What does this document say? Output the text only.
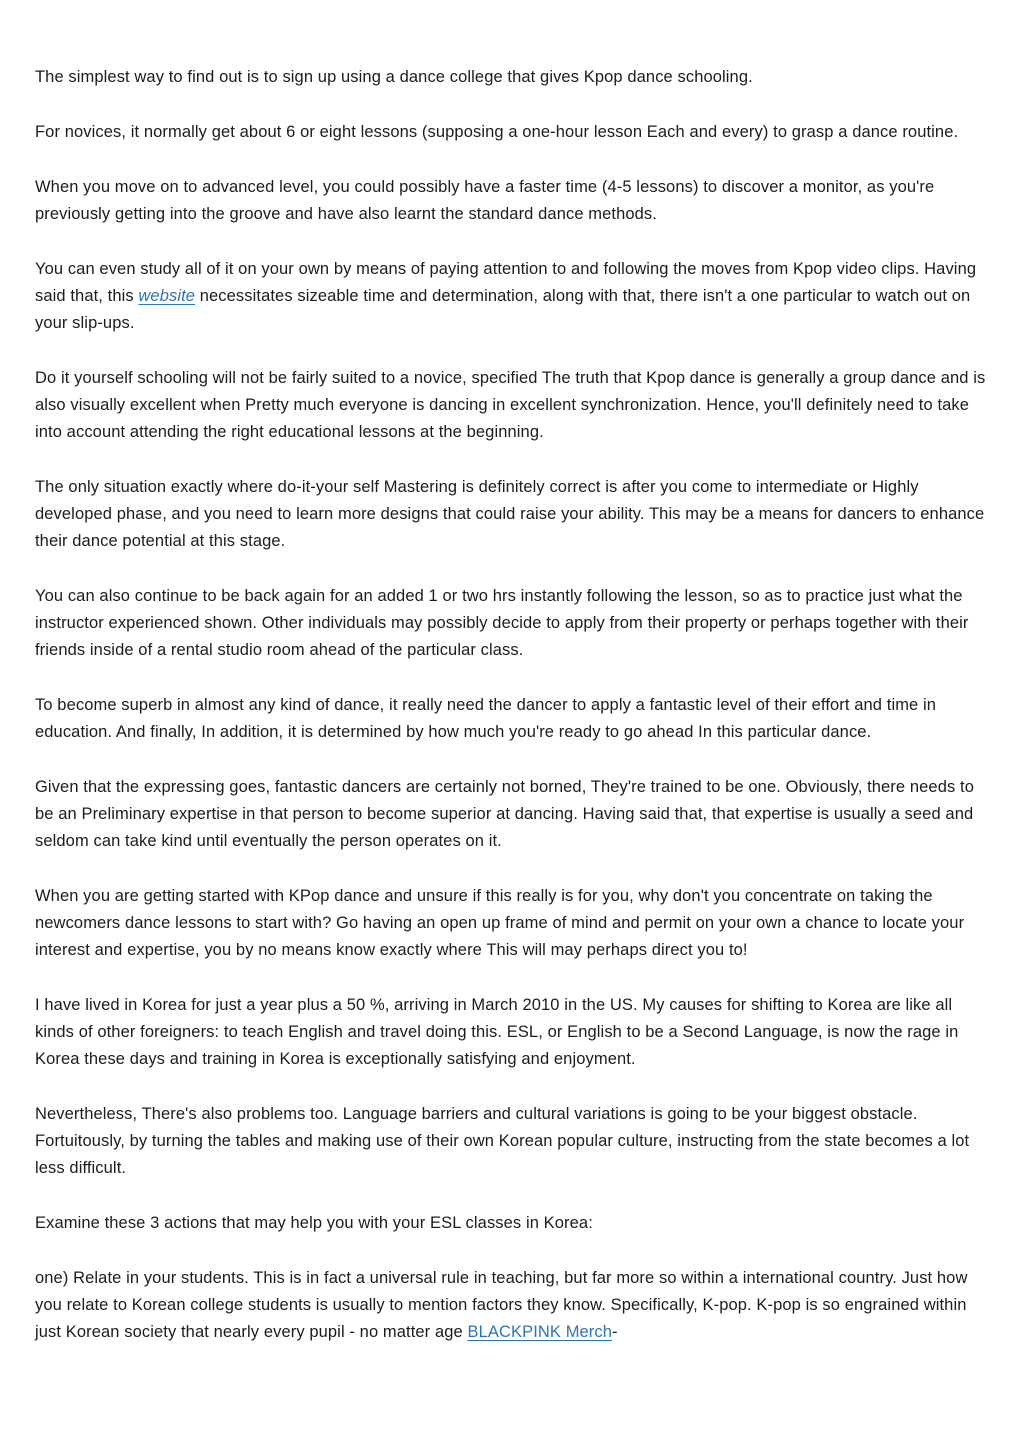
The simplest way to find out is to sign up using a dance college that gives Kpop dance schooling.

For novices, it normally get about 6 or eight lessons (supposing a one-hour lesson Each and every) to grasp a dance routine.

When you move on to advanced level, you could possibly have a faster time (4-5 lessons) to discover a monitor, as you're previously getting into the groove and have also learnt the standard dance methods.

You can even study all of it on your own by means of paying attention to and following the moves from Kpop video clips. Having said that, this website necessitates sizeable time and determination, along with that, there isn't a one particular to watch out on your slip-ups.

Do it yourself schooling will not be fairly suited to a novice, specified The truth that Kpop dance is generally a group dance and is also visually excellent when Pretty much everyone is dancing in excellent synchronization. Hence, you'll definitely need to take into account attending the right educational lessons at the beginning.

The only situation exactly where do-it-your self Mastering is definitely correct is after you come to intermediate or Highly developed phase, and you need to learn more designs that could raise your ability. This may be a means for dancers to enhance their dance potential at this stage.

You can also continue to be back again for an added 1 or two hrs instantly following the lesson, so as to practice just what the instructor experienced shown. Other individuals may possibly decide to apply from their property or perhaps together with their friends inside of a rental studio room ahead of the particular class.

To become superb in almost any kind of dance, it really need the dancer to apply a fantastic level of their effort and time in education. And finally, In addition, it is determined by how much you're ready to go ahead In this particular dance.

Given that the expressing goes, fantastic dancers are certainly not borned, They're trained to be one. Obviously, there needs to be an Preliminary expertise in that person to become superior at dancing. Having said that, that expertise is usually a seed and seldom can take kind until eventually the person operates on it.

When you are getting started with KPop dance and unsure if this really is for you, why don't you concentrate on taking the newcomers dance lessons to start with? Go having an open up frame of mind and permit on your own a chance to locate your interest and expertise, you by no means know exactly where This will may perhaps direct you to!

I have lived in Korea for just a year plus a 50 %, arriving in March 2010 in the US. My causes for shifting to Korea are like all kinds of other foreigners: to teach English and travel doing this. ESL, or English to be a Second Language, is now the rage in Korea these days and training in Korea is exceptionally satisfying and enjoyment.

Nevertheless, There's also problems too. Language barriers and cultural variations is going to be your biggest obstacle. Fortuitously, by turning the tables and making use of their own Korean popular culture, instructing from the state becomes a lot less difficult.

Examine these 3 actions that may help you with your ESL classes in Korea:

one) Relate in your students. This is in fact a universal rule in teaching, but far more so within a international country. Just how you relate to Korean college students is usually to mention factors they know. Specifically, K-pop. K-pop is so engrained within just Korean society that nearly every pupil - no matter age BLACKPINK Merch-
